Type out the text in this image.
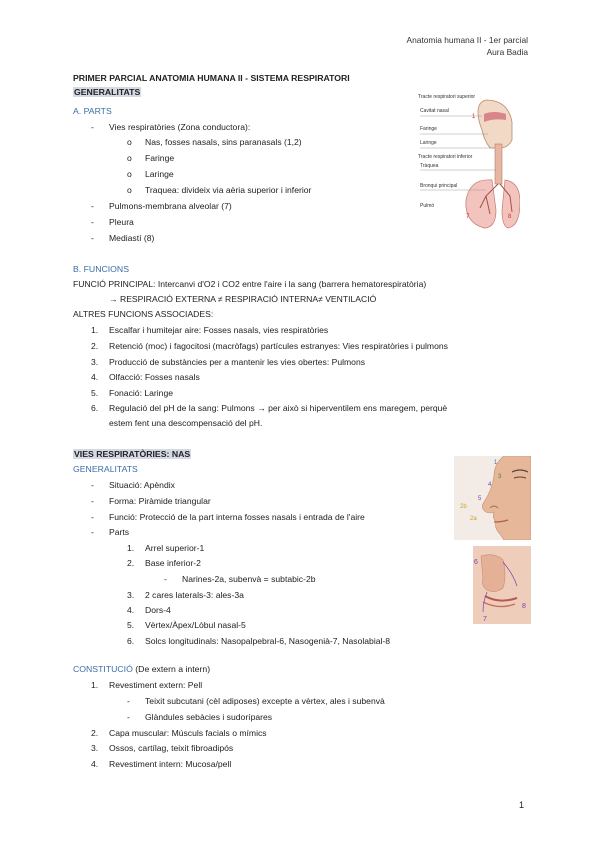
Anatomia humana II - 1er parcial
Aura Badia
PRIMER PARCIAL ANATOMIA HUMANA II - SISTEMA RESPIRATORI
GENERALITATS
A. PARTS
- Vies respiratòries (Zona conductora):
o Nas, fosses nasals, sins paranasals (1,2)
o Faringe
o Laringe
o Traquea: divideix via aèria superior i inferior
- Pulmons-membrana alveolar (7)
- Pleura
- Mediastí (8)
Tracte respiratori superior
Cavitat nasal
Faringe
Laringe
Tracte respiratori inferior
Tràquea
Bronqui principal
Pulmó
1
7	8
B. FUNCIONS
FUNCIÓ PRINCIPAL: Intercanvi d'O2 i CO2 entre l'aire i la sang (barrera hematorespiratòria)
→ RESPIRACIÓ EXTERNA ≠ RESPIRACIÓ INTERNA≠ VENTILACIÓ
ALTRES FUNCIONS ASSOCIADES:
1. Escalfar i humitejar aire: Fosses nasals, vies respiratòries
2. Retenció (moc) i fagocitosi (macròfags) partícules estranyes: Vies respiratòries i pulmons
3. Producció de substàncies per a mantenir les vies obertes: Pulmons
4. Olfacció: Fosses nasals
5. Fonació: Laringe
6. Regulació del pH de la sang: Pulmons → per això si hiperventilem ens maregem, perquè
estem fent una descompensació del pH.
VIES RESPIRATÒRIES: NAS
GENERALITATS
- Situació: Apèndix
- Forma: Piràmide triangular
- Funció: Protecció de la part interna fosses nasals i entrada de l'aire
- Parts
1. Arrel superior-1
2. Base inferior-2
- Narines-2a, subenvà = subtabic-2b
3. 2 cares laterals-3: ales-3a
4. Dors-4
5. Vèrtex/Àpex/Lòbul nasal-5
6. Solcs longitudinals: Nasopalpebral-6, Nasogenià-7, Nasolabial-8
1
3
4
5
2b
2a
6
7
8
CONSTITUCIÓ (De extern a intern)
1. Revestiment extern: Pell
- Teixit subcutani (cèl adiposes) excepte a vèrtex, ales i subenvà
- Glàndules sebàcies i sudorípares
2. Capa muscular: Músculs facials o mímics
3. Ossos, cartílag, teixit fibroadipós
4. Revestiment intern: Mucosa/pell
1
